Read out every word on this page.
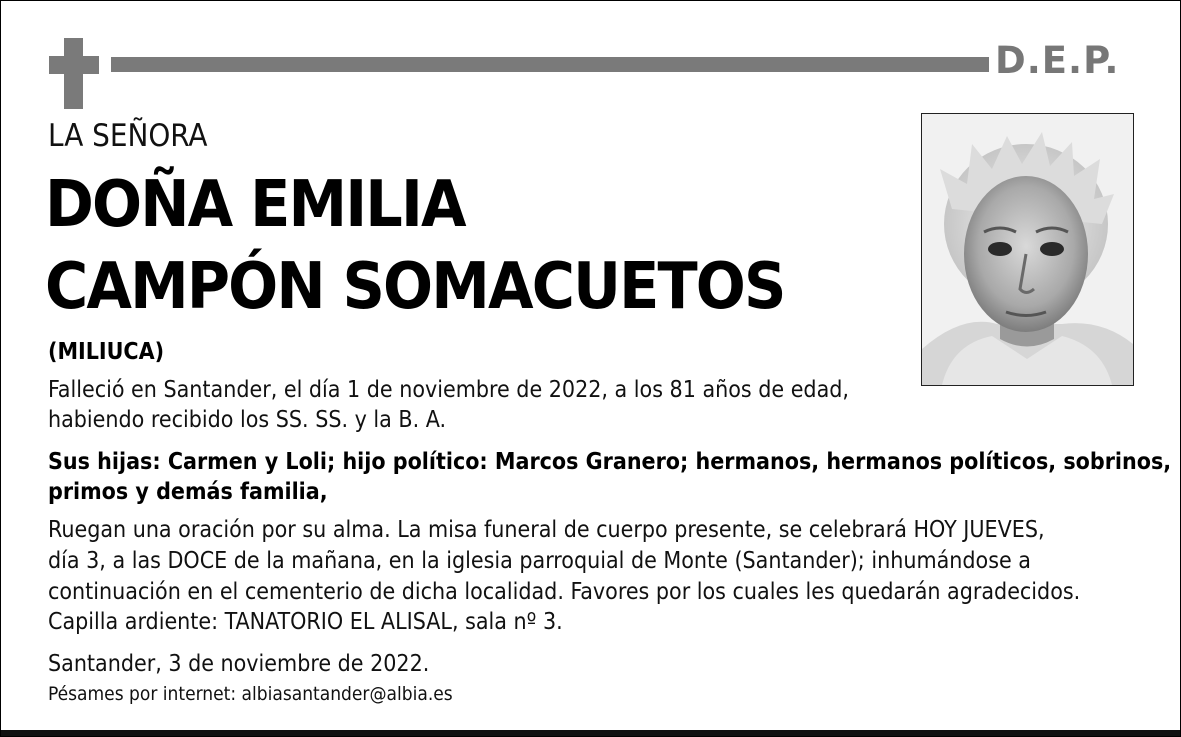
D.E.P.
LA SEÑORA
DOÑA EMILIA
CAMPÓN SOMACUETOS
(MILIUCA)
Falleció en Santander, el día 1 de noviembre de 2022, a los 81 años de edad,
habiendo recibido los SS. SS. y la B. A.
Sus hijas: Carmen y Loli; hijo político: Marcos Granero; hermanos, hermanos políticos, sobrinos,
primos y demás familia,
Ruegan una oración por su alma. La misa funeral de cuerpo presente, se celebrará HOY JUEVES,
día 3, a las DOCE de la mañana, en la iglesia parroquial de Monte (Santander); inhumándose a
continuación en el cementerio de dicha localidad. Favores por los cuales les quedarán agradecidos.
Capilla ardiente: TANATORIO EL ALISAL, sala nº 3.
Santander, 3 de noviembre de 2022.
Pésames por internet: albiasantander@albia.es
